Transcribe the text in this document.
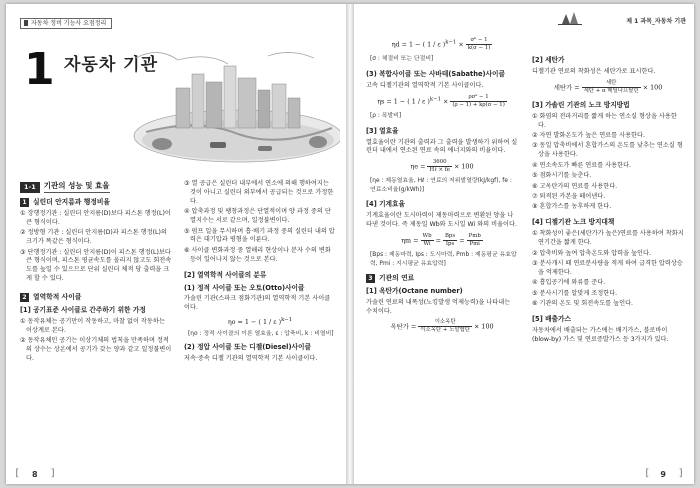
자동차 정비 기능사 요점정리
1 자동차 기관
1-1	기관의 성능 및 효율
1 실린더 안지름과 행정비율
① 장행정기관 : 실린더 안지름(D)보다 피스톤 행정(L)이 큰 형식이다.
② 정방형 기관 : 실린더 안지름(D)과 피스톤 행정(L)의 크기가 똑같은 형식이다.
③ 단행정기관 : 실린더 안지름(D)이 피스톤 행정(L)보다 큰 형식이며, 피스톤 평균속도를 올리지 않고도 회전속도를 높일 수 있으므로 단위 실린더 체적 당 출력을 크게 할 수 있다.
2 열역학적 사이클
[1] 공기표준 사이클로 간주하기 위한 가정
① 동작유체는 공기만이 작동하고, 마찰 없이 작동하는 이상계로 본다.
② 동작유체인 공기는 이상기체의 법칙을 만족하며 정적의 상수는 상온에서 공기가 갖는 양과 같고 일정불변이다.
③ 열 공급은 실린더 내부에서 연소에 의해 행하여지는 것이 아니고 실린더 외부에서 공급되는 것으로 가정한다.
④ 압축과정 및 팽창과정은 단열적이며 양 과정 중의 단열지수는 서로 같으며, 일정불변이다.
⑤ 펌프 일을 무시하며 흡·배기 과정 중의 실린더 내의 압력은 대기압과 평형을 이룬다.
⑥ 사이클 변화과정 중 열해리 현상이나 분자 수의 변화 등이 일어나지 않는 것으로 본다.
[2] 열역학적 사이클의 분류
(1) 정적 사이클 또는 오토(Otto)사이클
가솔린 기관(스파크 점화기관)의 열역학적 기본 사이클이다.
ηo = 1 − ( 1 / ε )$^{k-1}$
[ηo : 정적 사이클의 이론 열효율, ε : 압축비, k : 비열비]
(2) 정압 사이클 또는 디젤(Diesel)사이클
저속·중속 디젤 기관의 열역학적 기본 사이클이다.
[ 8 ]
제 1 과목_자동차 기관
ηd = 1 − ( 1 / ε )$^{k-1} \times \frac{\text{σᵏ − 1}}{k(\sigma - 1)}$
[σ : 체절비 또는 단절비]
(3) 복합사이클 또는 사바테(Sabathe)사이클
고속 디젤기관의 열역학적 기본 사이클이다.
ηs = 1 − ( 1 / ε )$^{k-1} \times \frac{\text{ρσᵏ − 1}}{(\rho - 1) + k\rho(\sigma - 1)}$
[ρ : 폭발비]
[3] 열효율
열효율이란 기관의 출력과 그 출력을 발생하기 위하여 실린더 내에서 연소된 연료 속의 에너지와의 비율이다.
$\eta e = \frac{3600}{\text{Hℓ × fe}} \times 100$
[ηe : 제동열효율, Hℓ : 연료의 저위발열량(kJ/kgf), fe : 연료소비율(g/kWh)]
[4] 기계효율
기계효율이란 도시마력이 제동마력으로 변환된 양을 나타낸 것이다. 즉 제동일 Wb와 도시일 Wi 와의 비율이다.
$\eta m = \frac{Wb}{Wi} = \frac{\text{Bps}}{\text{Ips}} = \frac{\text{Pmb}}{\text{Pmi}}$
[Bps : 제동마력, Ips : 도시마력, Pmb : 제동평균 유효압력, Pmi : 지시평균 유효압력]
3 기관의 연료
[1] 옥탄가(Octane number)
가솔린 연료의 내폭성(노킹발생 억제능력)을 나타내는 수치이다.
옥탄가 = $\frac{\text{이소옥탄}}{\text{이소옥탄 + 노말헵탄}} \times 100$
[2] 세탄가
디젤기관 연료의 착화성은 세탄가로 표시한다.
세탄가 = $\frac{\text{세탄}}{\text{세탄 + α 메틸나프탈린}} \times 100$
[3] 가솔린 기관의 노크 방지방법
① 화염의 전파거리를 짧게 하는 연소실 형상을 사용한다.
② 자연 발화온도가 높은 연료를 사용한다.
③ 동일 압축비에서 혼합가스의 온도를 낮추는 연소실 형상을 사용한다.
④ 연소속도가 빠른 연료를 사용한다.
⑤ 점화시기를 늦춘다.
⑥ 고옥탄가의 연료를 사용한다.
⑦ 퇴적된 카본을 떼어낸다.
⑧ 혼합가스를 농후하게 한다.
[4] 디젤기관 노크 방지대책
① 착화성이 좋은(세탄가가 높은)연료를 사용하여 착화지연기간을 짧게 한다.
② 압축비와 높여 압축온도와 압력을 높인다.
③ 분사개시 때 연료분사량을 적게 하여 급격한 압력상승을 억제한다.
④ 흡입공기에 와류를 준다.
⑤ 분사시기를 알맞게 조정한다.
⑥ 기관의 온도 및 회전속도를 높인다.
[5] 배출가스
자동차에서 배출되는 가스에는 배기가스, 블로바이(blow-by) 가스 및 연료증발가스 등 3가지가 있다.
[ 9 ]
